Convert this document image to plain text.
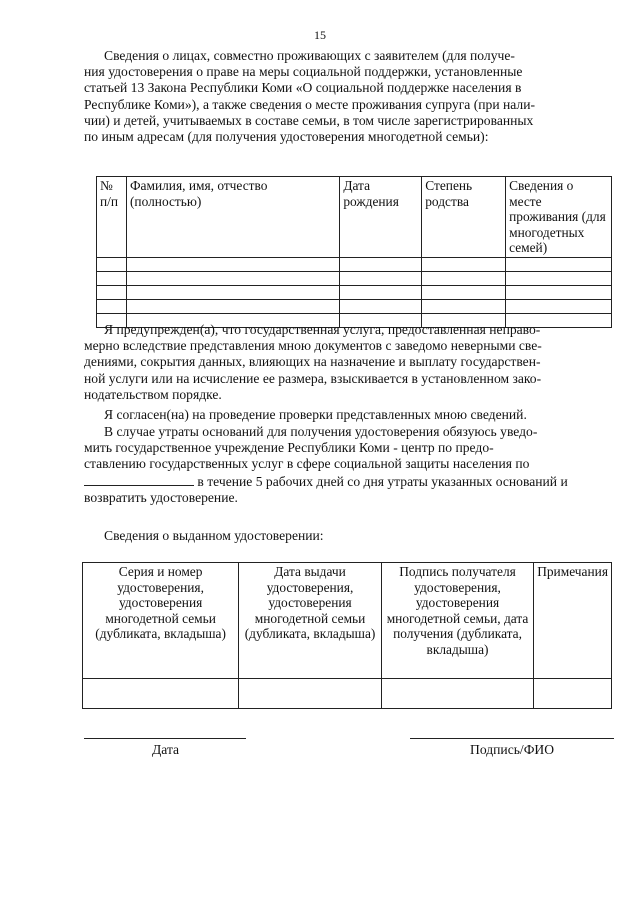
15
Сведения о лицах, совместно проживающих с заявителем (для получе-
ния удостоверения о праве на меры социальной поддержки, установленные
статьей 13 Закона Республики Коми «О социальной поддержке населения в
Республике Коми»), а также сведения о месте проживания супруга (при нали-
чии) и детей, учитываемых в составе семьи, в том числе зарегистрированных
по иным адресам (для получения удостоверения многодетной семьи):
№ п/п	Фамилия, имя, отчество (полностью)	Дата рождения	Степень родства	Сведения о месте проживания (для многодетных семей)

Я предупрежден(а), что государственная услуга, предоставленная неправо-
мерно вследствие представления мною документов с заведомо неверными све-
дениями, сокрытия данных, влияющих на назначение и выплату государствен-
ной услуги или на исчисление ее размера, взыскивается в установленном зако-
нодательством порядке.
Я согласен(на) на проведение проверки представленных мною сведений.
В случае утраты оснований для получения удостоверения обязуюсь уведо-
мить государственное учреждение Республики Коми - центр по предо-
ставлению государственных услуг в сфере социальной защиты населения по
в течение 5 рабочих дней со дня утраты указанных оснований и
возвратить удостоверение.
Сведения о выданном удостоверении:
Серия и номер удостоверения, удостоверения многодетной семьи (дубликата, вкладыша)	Дата выдачи удостоверения, удостоверения многодетной семьи (дубликата, вкладыша)	Подпись получателя удостоверения, удостоверения многодетной семьи, дата получения (дубликата, вкладыша)	Примечания

Дата	Подпись/ФИО
